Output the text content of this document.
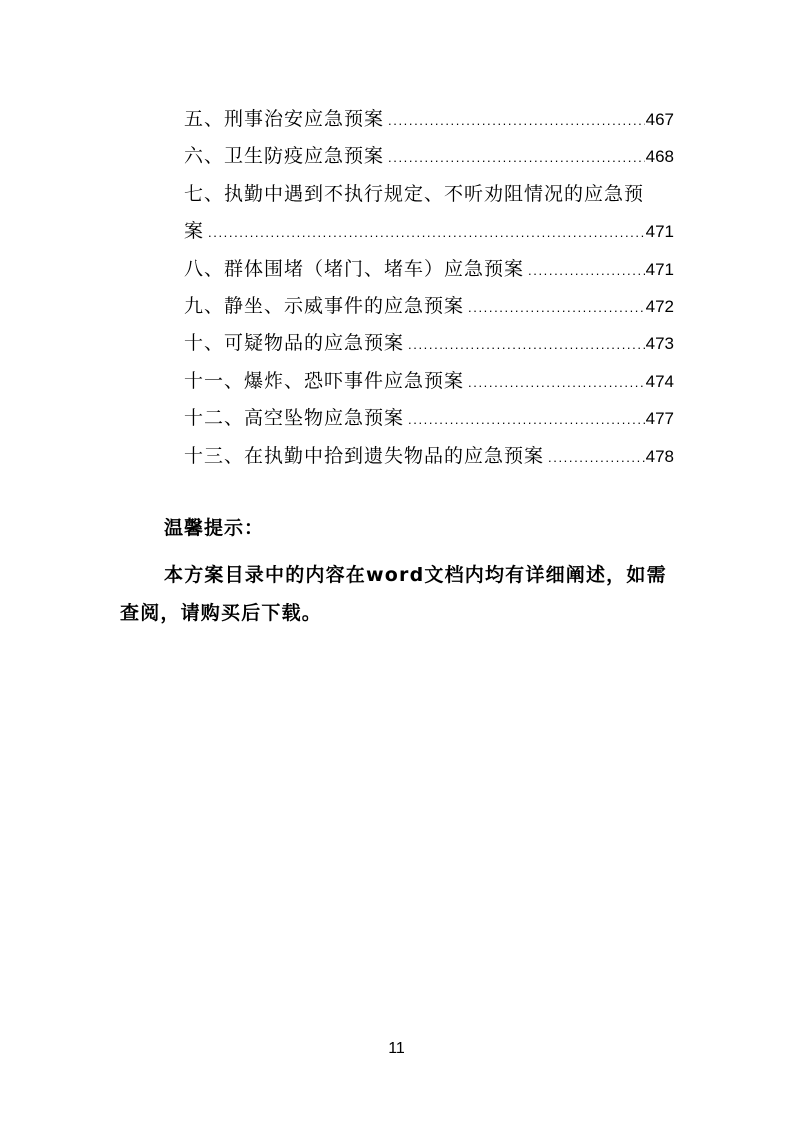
五、刑事治安应急预案 .....	467
六、卫生防疫应急预案 .....	468
七、执勤中遇到不执行规定、不听劝阻情况的应急预
案 .....	471
八、群体围堵（堵门、堵车）应急预案 .....	471
九、静坐、示威事件的应急预案 .....	472
十、可疑物品的应急预案 .....	473
十一、爆炸、恐吓事件应急预案 .....	474
十二、高空坠物应急预案 .....	477
十三、在执勤中拾到遗失物品的应急预案 .....	478
温馨提示：
本方案目录中的内容在word文档内均有详细阐述，如需查阅，请购买后下载。
11
